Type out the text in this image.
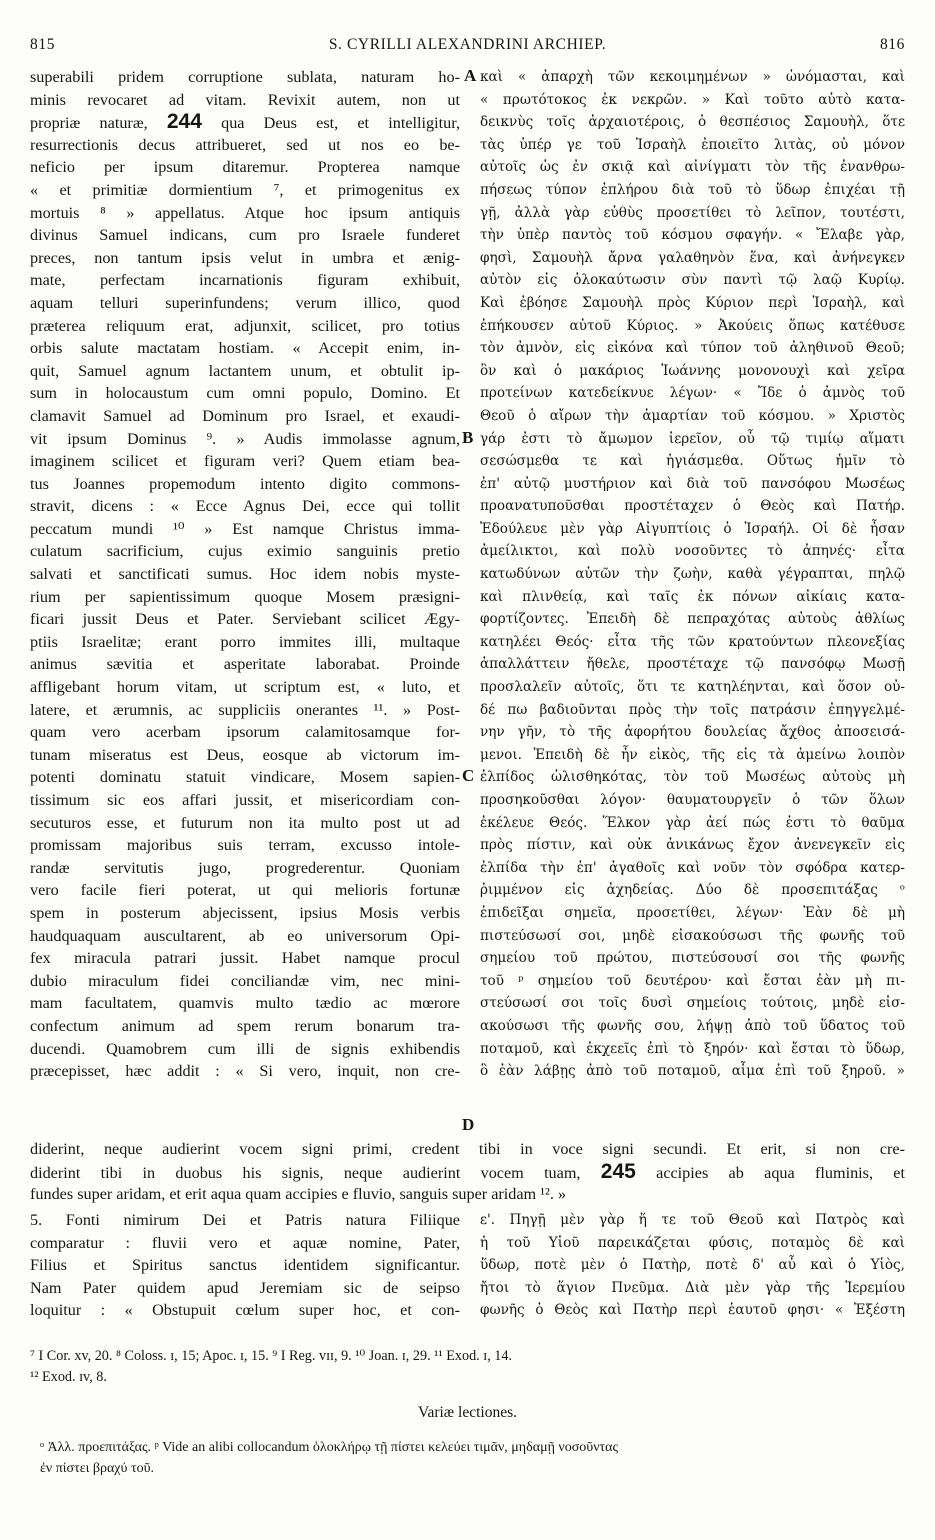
815	S. CYRILLI ALEXANDRINI ARCHIEP.	816
A
B
C
D
superabili pridem corruptione sublata, naturam ho-
minis revocaret ad vitam. Revixit autem, non ut
propriæ naturæ, 244 qua Deus est, et intelligitur,
resurrectionis decus attribueret, sed ut nos eo be-
neficio per ipsum ditaremur. Propterea namque
« et primitiæ dormientium ⁷, et primogenitus ex
mortuis ⁸ » appellatus. Atque hoc ipsum antiquis
divinus Samuel indicans, cum pro Israele funderet
preces, non tantum ipsis velut in umbra et ænig-
mate, perfectam incarnationis figuram exhibuit,
aquam telluri superinfundens; verum illico, quod
præterea reliquum erat, adjunxit, scilicet, pro totius
orbis salute mactatam hostiam. « Accepit enim, in-
quit, Samuel agnum lactantem unum, et obtulit ip-
sum in holocaustum cum omni populo, Domino. Et
clamavit Samuel ad Dominum pro Israel, et exaudi-
vit ipsum Dominus ⁹. » Audis immolasse agnum,
imaginem scilicet et figuram veri? Quem etiam bea-
tus Joannes propemodum intento digito commons-
stravit, dicens : « Ecce Agnus Dei, ecce qui tollit
peccatum mundi ¹⁰ » Est namque Christus imma-
culatum sacrificium, cujus eximio sanguinis pretio
salvati et sanctificati sumus. Hoc idem nobis myste-
rium per sapientissimum quoque Mosem præsigni-
ficari jussit Deus et Pater. Serviebant scilicet Ægy-
ptiis Israelitæ; erant porro immites illi, multaque
animus sævitia et asperitate laborabat. Proinde
affligebant horum vitam, ut scriptum est, « luto, et
latere, et ærumnis, ac suppliciis onerantes ¹¹. » Post-
quam vero acerbam ipsorum calamitosamque for-
tunam miseratus est Deus, eosque ab victorum im-
potenti dominatu statuit vindicare, Mosem sapien-
tissimum sic eos affari jussit, et misericordiam con-
secuturos esse, et futurum non ita multo post ut ad
promissam majoribus suis terram, excusso intole-
randæ servitutis jugo, progrederentur. Quoniam
vero facile fieri poterat, ut qui melioris fortunæ
spem in posterum abjecissent, ipsius Mosis verbis
haudquaquam auscultarent, ab eo universorum Opi-
fex miracula patrari jussit. Habet namque procul
dubio miraculum fidei conciliandæ vim, nec mini-
mam facultatem, quamvis multo tædio ac mœrore
confectum animum ad spem rerum bonarum tra-
ducendi. Quamobrem cum illi de signis exhibendis
præcepisset, hæc addit : « Si vero, inquit, non cre-
καὶ « ἀπαρχὴ τῶν κεκοιμημένων » ὠνόμασται, καὶ
« πρωτότοκος ἐκ νεκρῶν. » Καὶ τοῦτο αὐτὸ κατα-
δεικνὺς τοῖς ἀρχαιοτέροις, ὁ θεσπέσιος Σαμουὴλ, ὅτε
τὰς ὑπέρ γε τοῦ Ἰσραὴλ ἐποιεῖτο λιτὰς, οὐ μόνον
αὐτοῖς ὡς ἐν σκιᾷ καὶ αἰνίγματι τὸν τῆς ἐνανθρω-
πήσεως τύπον ἐπλήρου διὰ τοῦ τὸ ὕδωρ ἐπιχέαι τῇ
γῇ, ἀλλὰ γὰρ εὐθὺς προσετίθει τὸ λεῖπον, τουτέστι,
τὴν ὑπὲρ παντὸς τοῦ κόσμου σφαγήν. « Ἔλαβε γὰρ,
φησὶ, Σαμουὴλ ἄρνα γαλαθηνὸν ἕνα, καὶ ἀνήνεγκεν
αὐτὸν εἰς ὁλοκαύτωσιν σὺν παντὶ τῷ λαῷ Κυρίῳ.
Καὶ ἐβόησε Σαμουὴλ πρὸς Κύριον περὶ Ἰσραὴλ, καὶ
ἐπήκουσεν αὐτοῦ Κύριος. » Ἀκούεις ὅπως κατέθυσε
τὸν ἀμνὸν, εἰς εἰκόνα καὶ τύπον τοῦ ἀληθινοῦ Θεοῦ;
ὃν καὶ ὁ μακάριος Ἰωάννης μονονουχὶ καὶ χεῖρα
προτείνων κατεδείκνυε λέγων· « Ἴδε ὁ ἀμνὸς τοῦ
Θεοῦ ὁ αἴρων τὴν ἁμαρτίαν τοῦ κόσμου. » Χριστὸς
γάρ ἐστι τὸ ἄμωμον ἱερεῖον, οὗ τῷ τιμίῳ αἵματι
σεσώσμεθα τε καὶ ἡγιάσμεθα. Οὕτως ἡμῖν τὸ
ἐπ' αὐτῷ μυστήριον καὶ διὰ τοῦ πανσόφου Μωσέως
προανατυποῦσθαι προστέταχεν ὁ Θεὸς καὶ Πατήρ.
Ἐδούλευε μὲν γὰρ Αἰγυπτίοις ὁ Ἰσραήλ. Οἱ δὲ ἦσαν
ἀμείλικτοι, καὶ πολὺ νοσοῦντες τὸ ἀπηνές· εἶτα
κατωδύνων αὐτῶν τὴν ζωὴν, καθὰ γέγραπται, πηλῷ
καὶ πλινθείᾳ, καὶ ταῖς ἐκ πόνων αἰκίαις κατα-
φορτίζοντες. Ἐπειδὴ δὲ πεπραχότας αὐτοὺς ἀθλίως
κατηλέει Θεός· εἶτα τῆς τῶν κρατούντων πλεονεξίας
ἀπαλλάττειν ἤθελε, προστέταχε τῷ πανσόφῳ Μωσῇ
προσλαλεῖν αὐτοῖς, ὅτι τε κατηλέηνται, καὶ ὅσον οὐ-
δέ πω βαδιοῦνται πρὸς τὴν τοῖς πατράσιν ἐπηγγελμέ-
νην γῆν, τὸ τῆς ἀφορήτου δουλείας ἄχθος ἀποσεισά-
μενοι. Ἐπειδὴ δὲ ἦν εἰκὸς, τῆς εἰς τὰ ἀμείνω λοιπὸν
ἐλπίδος ὠλισθηκότας, τὸν τοῦ Μωσέως αὐτοὺς μὴ
προσηκοῦσθαι λόγον· θαυματουργεῖν ὁ τῶν ὅλων
ἐκέλευε Θεός. Ἕλκον γὰρ ἀεί πώς ἐστι τὸ θαῦμα
πρὸς πίστιν, καὶ οὐκ ἀνικάνως ἔχον ἀνενεγκεῖν εἰς
ἐλπίδα τὴν ἐπ' ἀγαθοῖς καὶ νοῦν τὸν σφόδρα κατερ-
ῥιμμένον εἰς ἀχηδείας. Δύο δὲ προσεπιτάξας ᵒ
ἐπιδεῖξαι σημεῖα, προσετίθει, λέγων· Ἐὰν δὲ μὴ
πιστεύσωσί σοι, μηδὲ εἰσακούσωσι τῆς φωνῆς τοῦ
σημείου τοῦ πρώτου, πιστεύσουσί σοι τῆς φωνῆς
τοῦ ᵖ σημείου τοῦ δευτέρου· καὶ ἔσται ἐὰν μὴ πι-
στεύσωσί σοι τοῖς δυσὶ σημείοις τούτοις, μηδὲ εἰσ-
ακούσωσι τῆς φωνῆς σου, λήψῃ ἀπὸ τοῦ ὕδατος τοῦ
ποταμοῦ, καὶ ἐκχεεῖς ἐπὶ τὸ ξηρόν· καὶ ἔσται τὸ ὕδωρ,
ὃ ἐὰν λάβῃς ἀπὸ τοῦ ποταμοῦ, αἷμα ἐπὶ τοῦ ξηροῦ. »
diderint, neque audierint vocem signi primi, credent tibi in voce signi secundi. Et erit, si non cre-
diderint tibi in duobus his signis, neque audierint vocem tuam, 245 accipies ab aqua fluminis, et
fundes super aridam, et erit aqua quam accipies e fluvio, sanguis super aridam ¹². »
5. Fonti nimirum Dei et Patris natura Filiique
comparatur : fluvii vero et aquæ nomine, Pater,
Filius et Spiritus sanctus identidem significantur.
Nam Pater quidem apud Jeremiam sic de seipso
loquitur : « Obstupuit cœlum super hoc, et con-
ε'. Πηγῇ μὲν γὰρ ἥ τε τοῦ Θεοῦ καὶ Πατρὸς καὶ
ἡ τοῦ Υἱοῦ παρεικάζεται φύσις, ποταμὸς δὲ καὶ
ὕδωρ, ποτὲ μὲν ὁ Πατὴρ, ποτὲ δ' αὖ καὶ ὁ Υἱὸς,
ἤτοι τὸ ἅγιον Πνεῦμα. Διὰ μὲν γὰρ τῆς Ἱερεμίου
φωνῆς ὁ Θεὸς καὶ Πατὴρ περὶ ἑαυτοῦ φησι· « Ἐξέστη
⁷ I Cor. xv, 20. ⁸ Coloss. ɪ, 15; Apoc. ɪ, 15. ⁹ I Reg. vɪɪ, 9. ¹⁰ Joan. ɪ, 29. ¹¹ Exod. ɪ, 14.
¹² Exod. ɪv, 8.
Variæ lectiones.
ᵒ Ἀλλ. προεπιτάξας. ᵖ Vide an alibi collocandum ὁλοκλήρῳ τῇ πίστει κελεύει τιμᾶν, μηδαμῇ νοσοῦντας
ἐν πίστει βραχύ τοῦ.
